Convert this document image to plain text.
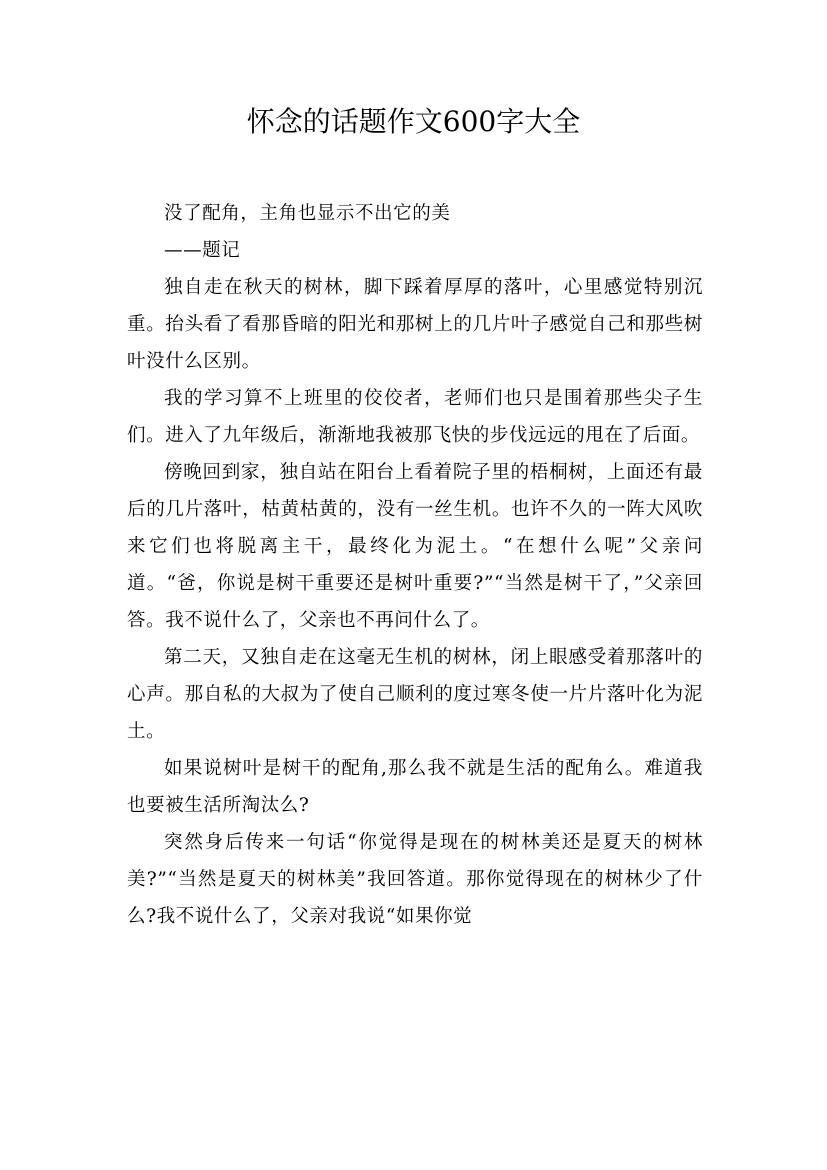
怀念的话题作文600字大全

没了配角，主角也显示不出它的美

——题记

独自走在秋天的树林，脚下踩着厚厚的落叶，心里感觉特别沉重。抬头看了看那昏暗的阳光和那树上的几片叶子感觉自己和那些树叶没什么区别。

我的学习算不上班里的佼佼者，老师们也只是围着那些尖子生们。进入了九年级后，渐渐地我被那飞快的步伐远远的甩在了后面。

傍晚回到家，独自站在阳台上看着院子里的梧桐树，上面还有最后的几片落叶，枯黄枯黄的，没有一丝生机。也许不久的一阵大风吹来它们也将脱离主干，最终化为泥土。“在想什么呢”父亲问道。“爸，你说是树干重要还是树叶重要?”“当然是树干了，”父亲回答。我不说什么了，父亲也不再问什么了。

第二天，又独自走在这毫无生机的树林，闭上眼感受着那落叶的心声。那自私的大叔为了使自己顺利的度过寒冬使一片片落叶化为泥土。

如果说树叶是树干的配角,那么我不就是生活的配角么。难道我也要被生活所淘汰么?

突然身后传来一句话“你觉得是现在的树林美还是夏天的树林美?”“当然是夏天的树林美”我回答道。那你觉得现在的树林少了什么?我不说什么了，父亲对我说“如果你觉
